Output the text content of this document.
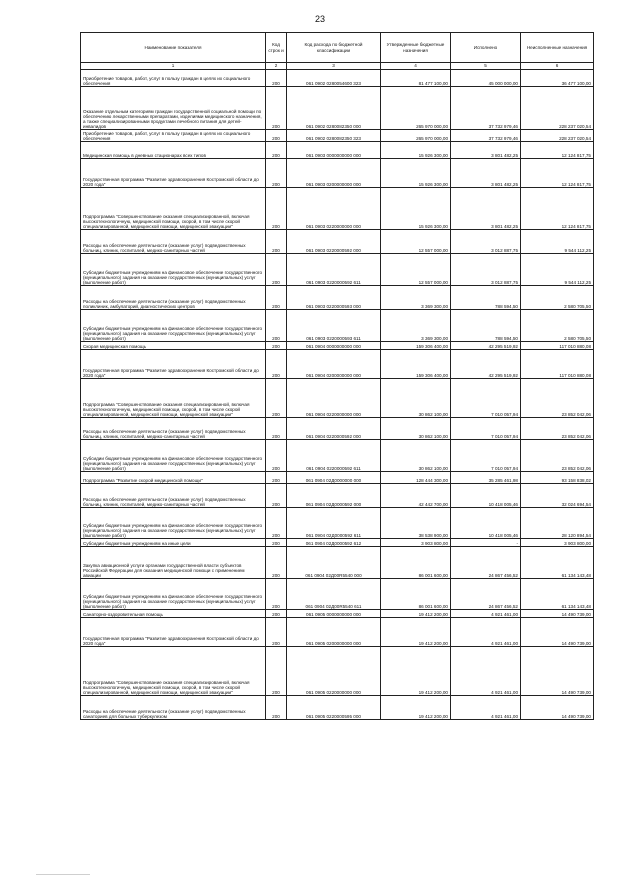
23
Наименование показателя	Код строк и	Код расхода по бюджетной классификации	Утвержденные бюджетные назначения	Исполнено	Неисполненные назначения
1	2	3	4	5	6
Приобретение товаров, работ, услуг в пользу граждан в целях их социального обеспечения	200	061 0902 0280054600 323	81 477 100,00	45 000 000,00	36 477 100,00
Оказание отдельным категориям граждан государственной социальной помощи по обеспечению лекарственными препаратами, изделиями медицинского назначения, а также специализированными продуктами лечебного питания для детей-инвалидов	200	061 0902 0280082350 000	265 970 000,00	37 732 979,46	228 237 020,54
Приобретение товаров, работ, услуг в пользу граждан в целях их социального обеспечения	200	061 0902 0280082350 323	265 970 000,00	37 732 979,46	228 237 020,54
Медицинская помощь в дневных стационарах всех типов	200	061 0903 0000000000 000	15 926 300,00	3 801 482,25	12 124 817,75
Государственная программа "Развитие здравоохранения Костромской области до 2020 года"	200	061 0903 0200000000 000	15 926 300,00	3 801 482,25	12 124 817,75
Подпрограмма "Совершенствование оказания специализированной, включая высокотехнологичную, медицинской помощи, скорой, в том числе скорой специализированной, медицинской помощи, медицинской эвакуации"	200	061 0903 0220000000 000	15 926 300,00	3 801 482,25	12 124 817,75
Расходы на обеспечение деятельности (оказание услуг) подведомственных больниц, клиник, госпиталей, медико-санитарных частей	200	061 0903 0220000592 000	12 557 000,00	3 012 887,75	9 544 112,25
Субсидии бюджетным учреждениям на финансовое обеспечение государственного (муниципального) задания на оказание государственных (муниципальных) услуг (выполнение работ)	200	061 0903 0220000592 611	12 557 000,00	3 012 887,75	9 544 112,25
Расходы на обеспечение деятельности (оказание услуг) подведомственных поликлиник, амбулаторий, диагностических центров	200	061 0903 0220000593 000	3 369 300,00	788 594,50	2 580 705,50
Субсидии бюджетным учреждениям на финансовое обеспечение государственного (муниципального) задания на оказание государственных (муниципальных) услуг (выполнение работ)	200	061 0903 0220000593 611	3 369 300,00	788 594,50	2 580 705,50
Скорая медицинская помощь	200	061 0904 0000000000 000	159 306 400,00	42 295 519,92	117 010 880,08
Государственная программа "Развитие здравоохранения Костромской области до 2020 года"	200	061 0904 0200000000 000	159 306 400,00	42 295 519,92	117 010 880,08
Подпрограмма "Совершенствование оказания специализированной, включая высокотехнологичную, медицинской помощи, скорой, в том числе скорой специализированной, медицинской помощи, медицинской эвакуации"	200	061 0904 0220000000 000	30 862 100,00	7 010 057,94	23 852 042,06
Расходы на обеспечение деятельности (оказание услуг) подведомственных больниц, клиник, госпиталей, медико-санитарных частей	200	061 0904 0220000592 000	30 862 100,00	7 010 057,94	23 852 042,06
Субсидии бюджетным учреждениям на финансовое обеспечение государственного (муниципального) задания на оказание государственных (муниципальных) услуг (выполнение работ)	200	061 0904 0220000592 611	30 862 100,00	7 010 057,94	23 852 042,06
Подпрограмма "Развитие скорой медицинской помощи"	200	061 0904 02Д0000000 000	128 444 300,00	35 285 461,98	93 158 838,02
Расходы на обеспечение деятельности (оказание услуг) подведомственных больниц, клиник, госпиталей, медико-санитарных частей	200	061 0904 02Д0000592 000	42 442 700,00	10 418 005,46	32 024 694,54
Субсидии бюджетным учреждениям на финансовое обеспечение государственного (муниципального) задания на оказание государственных (муниципальных) услуг (выполнение работ)	200	061 0904 02Д0000592 611	38 538 900,00	10 418 005,46	28 120 894,54
Субсидии бюджетным учреждениям на иные цели	200	061 0904 02Д0000592 612	3 903 800,00	-	3 903 800,00
Закупка авиационной услуги органами государственной власти субъектов Российской Федерации для оказания медицинской помощи с применением авиации	200	061 0904 02Д00R5540 000	86 001 600,00	24 867 456,52	61 134 143,48
Субсидии бюджетным учреждениям на финансовое обеспечение государственного (муниципального) задания на оказание государственных (муниципальных) услуг (выполнение работ)	200	061 0904 02Д00R5540 611	86 001 600,00	24 867 456,52	61 134 143,48
Санаторно-оздоровительная помощь	200	061 0905 0000000000 000	19 412 200,00	4 921 461,00	14 490 739,00
Государственная программа "Развитие здравоохранения Костромской области до 2020 года"	200	061 0905 0200000000 000	19 412 200,00	4 921 461,00	14 490 739,00
Подпрограмма "Совершенствование оказания специализированной, включая высокотехнологичную, медицинской помощи, скорой, в том числе скорой специализированной, медицинской помощи, медицинской эвакуации"	200	061 0905 0220000000 000	19 412 200,00	4 921 461,00	14 490 739,00
Расходы на обеспечение деятельности (оказание услуг) подведомственных санаториев для больных туберкулезом	200	061 0905 0220000595 000	19 412 200,00	4 921 461,00	14 490 739,00
